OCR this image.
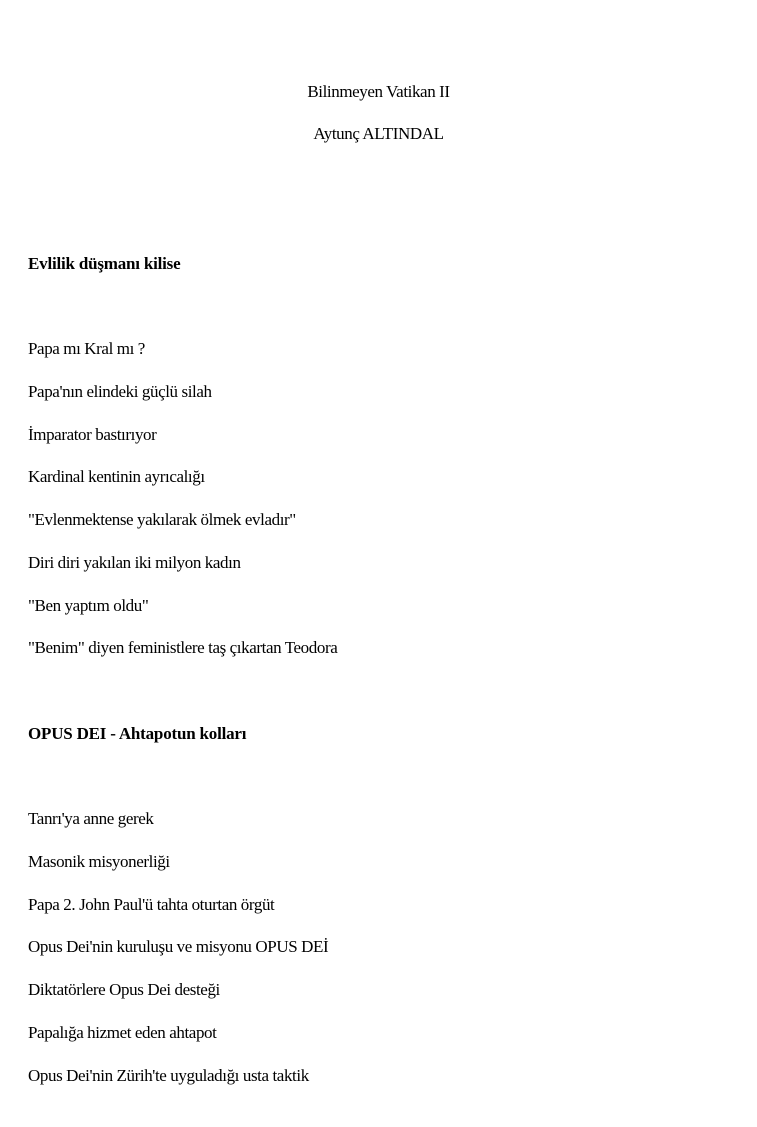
Bilinmeyen Vatikan II
Aytunç ALTINDAL
Evlilik düşmanı kilise
Papa mı Kral mı ?
Papa'nın elindeki güçlü silah
İmparator bastırıyor
Kardinal kentinin ayrıcalığı
"Evlenmektense yakılarak ölmek evladır"
Diri diri yakılan iki milyon kadın
"Ben yaptım oldu"
"Benim" diyen feministlere taş çıkartan Teodora
OPUS DEI - Ahtapotun kolları
Tanrı'ya anne gerek
Masonik misyonerliği
Papa 2. John Paul'ü tahta oturtan örgüt
Opus Dei'nin kuruluşu ve misyonu OPUS DEİ
Diktatörlere Opus Dei desteği
Papalığa hizmet eden ahtapot
Opus Dei'nin Zürih'te uyguladığı usta taktik
